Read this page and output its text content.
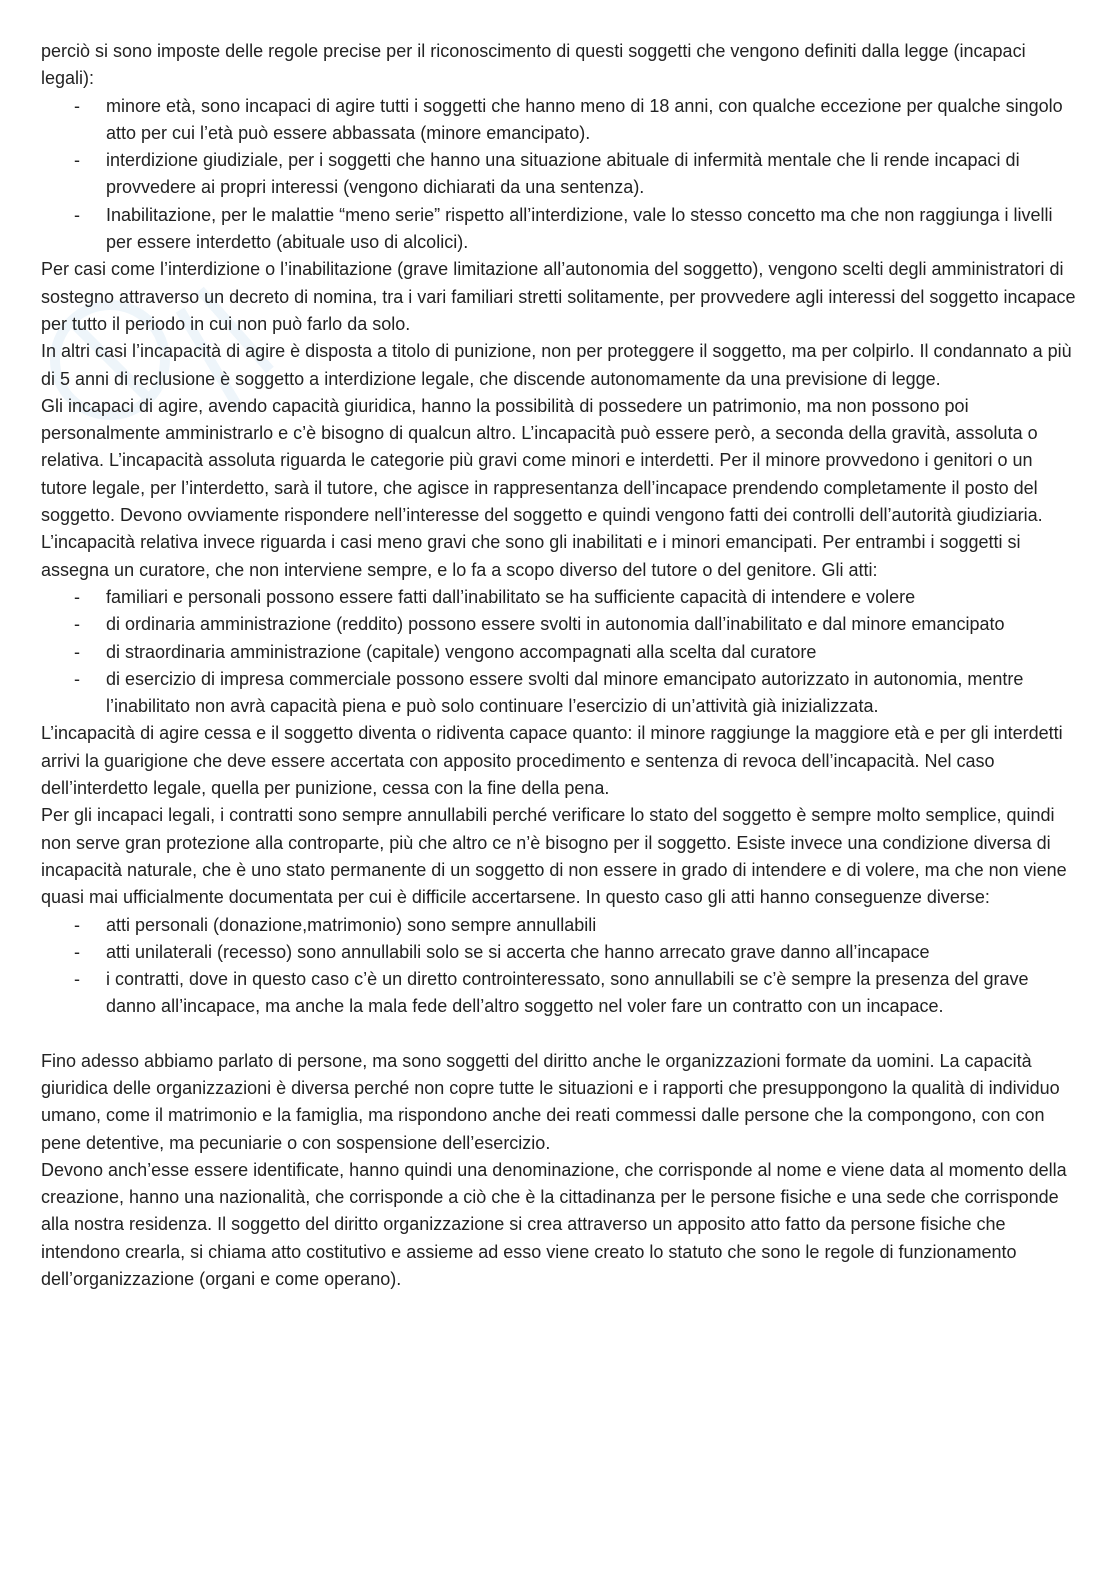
perciò si sono imposte delle regole precise per il riconoscimento di questi soggetti che vengono definiti dalla legge (incapaci legali):

- minore età, sono incapaci di agire tutti i soggetti che hanno meno di 18 anni, con qualche eccezione per qualche singolo atto per cui l’età può essere abbassata (minore emancipato).
- interdizione giudiziale, per i soggetti che hanno una situazione abituale di infermità mentale che li rende incapaci di provvedere ai propri interessi (vengono dichiarati da una sentenza).
- Inabilitazione, per le malattie “meno serie” rispetto all’interdizione, vale lo stesso concetto ma che non raggiunga i livelli per essere interdetto (abituale uso di alcolici).

Per casi come l’interdizione o l’inabilitazione (grave limitazione all’autonomia del soggetto), vengono scelti degli amministratori di sostegno attraverso un decreto di nomina, tra i vari familiari stretti solitamente, per provvedere agli interessi del soggetto incapace per tutto il periodo in cui non può farlo da solo.

In altri casi l’incapacità di agire è disposta a titolo di punizione, non per proteggere il soggetto, ma per colpirlo. Il condannato a più di 5 anni di reclusione è soggetto a interdizione legale, che discende autonomamente da una previsione di legge.

Gli incapaci di agire, avendo capacità giuridica, hanno la possibilità di possedere un patrimonio, ma non possono poi personalmente amministrarlo e c’è bisogno di qualcun altro. L’incapacità può essere però, a seconda della gravità, assoluta o relativa. L’incapacità assoluta riguarda le categorie più gravi come minori e interdetti. Per il minore provvedono i genitori o un tutore legale, per l’interdetto, sarà il tutore, che agisce in rappresentanza dell’incapace prendendo completamente il posto del soggetto. Devono ovviamente rispondere nell’interesse del soggetto e quindi vengono fatti dei controlli dell’autorità giudiziaria. L’incapacità relativa invece riguarda i casi meno gravi che sono gli inabilitati e i minori emancipati. Per entrambi i soggetti si assegna un curatore, che non interviene sempre, e lo fa a scopo diverso del tutore o del genitore. Gli atti:

- familiari e personali possono essere fatti dall’inabilitato se ha sufficiente capacità di intendere e volere
- di ordinaria amministrazione (reddito) possono essere svolti in autonomia dall’inabilitato e dal minore emancipato
- di straordinaria amministrazione (capitale) vengono accompagnati alla scelta dal curatore
- di esercizio di impresa commerciale possono essere svolti dal minore emancipato autorizzato in autonomia, mentre l’inabilitato non avrà capacità piena e può solo continuare l’esercizio di un’attività già inizializzata.

L’incapacità di agire cessa e il soggetto diventa o ridiventa capace quanto: il minore raggiunge la maggiore età e per gli interdetti arrivi la guarigione che deve essere accertata con apposito procedimento e sentenza di revoca dell’incapacità. Nel caso dell’interdetto legale, quella per punizione, cessa con la fine della pena.

Per gli incapaci legali, i contratti sono sempre annullabili perché verificare lo stato del soggetto è sempre molto semplice, quindi non serve gran protezione alla controparte, più che altro ce n’è bisogno per il soggetto. Esiste invece una condizione diversa di incapacità naturale, che è uno stato permanente di un soggetto di non essere in grado di intendere e di volere, ma che non viene quasi mai ufficialmente documentata per cui è difficile accertarsene. In questo caso gli atti hanno conseguenze diverse:

- atti personali (donazione,matrimonio) sono sempre annullabili
- atti unilaterali (recesso) sono annullabili solo se si accerta che hanno arrecato grave danno all’incapace
- i contratti, dove in questo caso c’è un diretto controinteressato, sono annullabili se c’è sempre la presenza del grave danno all’incapace, ma anche la mala fede dell’altro soggetto nel voler fare un contratto con un incapace.

Fino adesso abbiamo parlato di persone, ma sono soggetti del diritto anche le organizzazioni formate da uomini. La capacità giuridica delle organizzazioni è diversa perché non copre tutte le situazioni e i rapporti che presuppongono la qualità di individuo umano, come il matrimonio e la famiglia, ma rispondono anche dei reati commessi dalle persone che la compongono, con con pene detentive, ma pecuniarie o con sospensione dell’esercizio.

Devono anch’esse essere identificate, hanno quindi una denominazione, che corrisponde al nome e viene data al momento della creazione, hanno una nazionalità, che corrisponde a ciò che è la cittadinanza per le persone fisiche e una sede che corrisponde alla nostra residenza. Il soggetto del diritto organizzazione si crea attraverso un apposito atto fatto da persone fisiche che intendono crearla, si chiama atto costitutivo e assieme ad esso viene creato lo statuto che sono le regole di funzionamento dell’organizzazione (organi e come operano).
